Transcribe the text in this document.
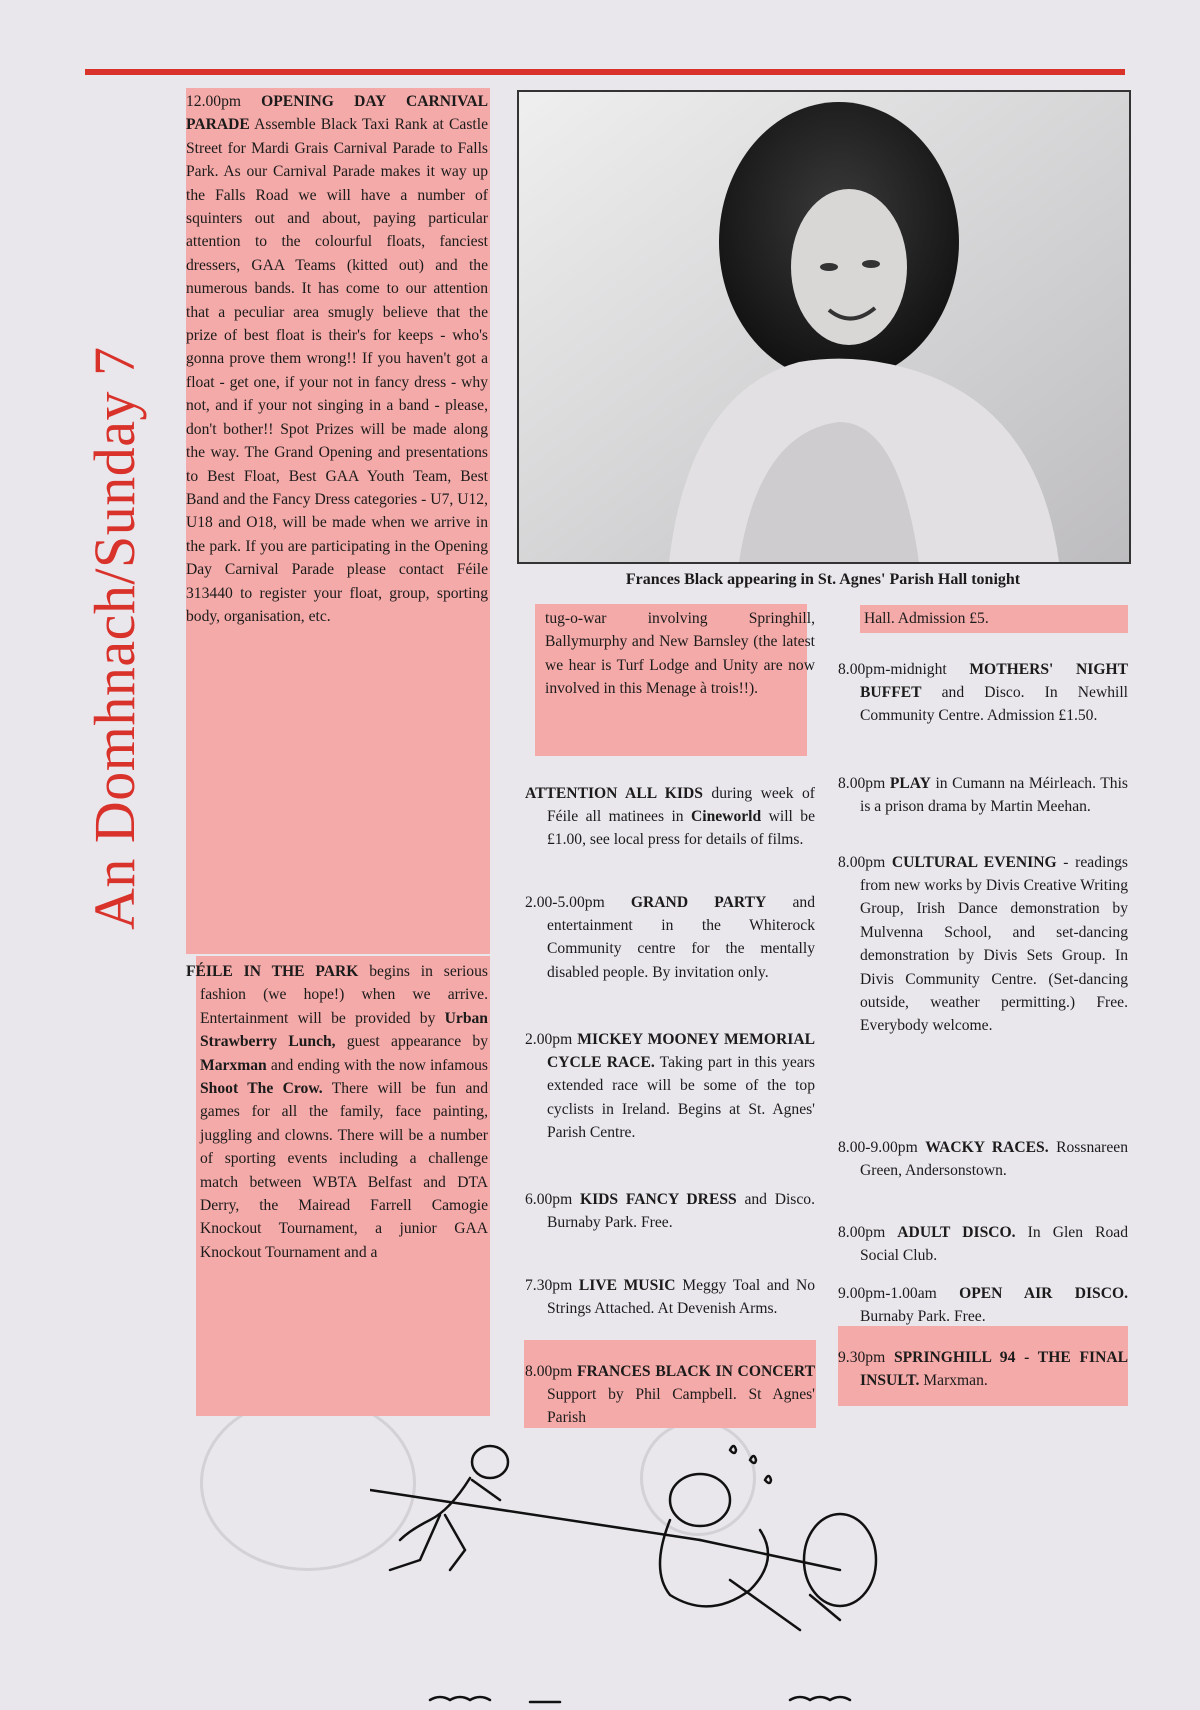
An Domhnach/Sunday 7

12.00pm OPENING DAY CARNIVAL PARADE Assemble Black Taxi Rank at Castle Street for Mardi Grais Carnival Parade to Falls Park. As our Carnival Parade makes it way up the Falls Road we will have a number of squinters out and about, paying particular attention to the colourful floats, fanciest dressers, GAA Teams (kitted out) and the numerous bands. It has come to our attention that a peculiar area smugly believe that the prize of best float is their's for keeps - who's gonna prove them wrong!! If you haven't got a float - get one, if your not in fancy dress - why not, and if your not singing in a band - please, don't bother!! Spot Prizes will be made along the way. The Grand Opening and presentations to Best Float, Best GAA Youth Team, Best Band and the Fancy Dress categories - U7, U12, U18 and O18, will be made when we arrive in the park. If you are participating in the Opening Day Carnival Parade please contact Féile 313440 to register your float, group, sporting body, organisation, etc.

FÉILE IN THE PARK begins in serious fashion (we hope!) when we arrive. Entertainment will be provided by Urban Strawberry Lunch, guest appearance by Marxman and ending with the now infamous Shoot The Crow. There will be fun and games for all the family, face painting, juggling and clowns. There will be a number of sporting events including a challenge match between WBTA Belfast and DTA Derry, the Mairead Farrell Camogie Knockout Tournament, a junior GAA Knockout Tournament and a

Frances Black appearing in St. Agnes' Parish Hall tonight
tug-o-war involving Springhill, Ballymurphy and New Barnsley (the latest we hear is Turf Lodge and Unity are now involved in this Menage à trois!!).

ATTENTION ALL KIDS during week of Féile all matinees in Cineworld will be £1.00, see local press for details of films.

2.00-5.00pm GRAND PARTY and entertainment in the Whiterock Community centre for the mentally disabled people. By invitation only.

2.00pm MICKEY MOONEY MEMORIAL CYCLE RACE. Taking part in this years extended race will be some of the top cyclists in Ireland. Begins at St. Agnes' Parish Centre.

6.00pm KIDS FANCY DRESS and Disco. Burnaby Park. Free.

7.30pm LIVE MUSIC Meggy Toal and No Strings Attached. At Devenish Arms.

8.00pm FRANCES BLACK IN CONCERT Support by Phil Campbell. St Agnes' Parish

Hall. Admission £5.

8.00pm-midnight MOTHERS' NIGHT BUFFET and Disco. In Newhill Community Centre. Admission £1.50.

8.00pm PLAY in Cumann na Méirleach. This is a prison drama by Martin Meehan.

8.00pm CULTURAL EVENING - readings from new works by Divis Creative Writing Group, Irish Dance demonstration by Mulvenna School, and set-dancing demonstration by Divis Sets Group. In Divis Community Centre. (Set-dancing outside, weather permitting.) Free. Everybody welcome.

8.00-9.00pm WACKY RACES. Rossnareen Green, Andersonstown.

8.00pm ADULT DISCO. In Glen Road Social Club.

9.00pm-1.00am OPEN AIR DISCO. Burnaby Park. Free.

9.30pm SPRINGHILL 94 - THE FINAL INSULT. Marxman.
